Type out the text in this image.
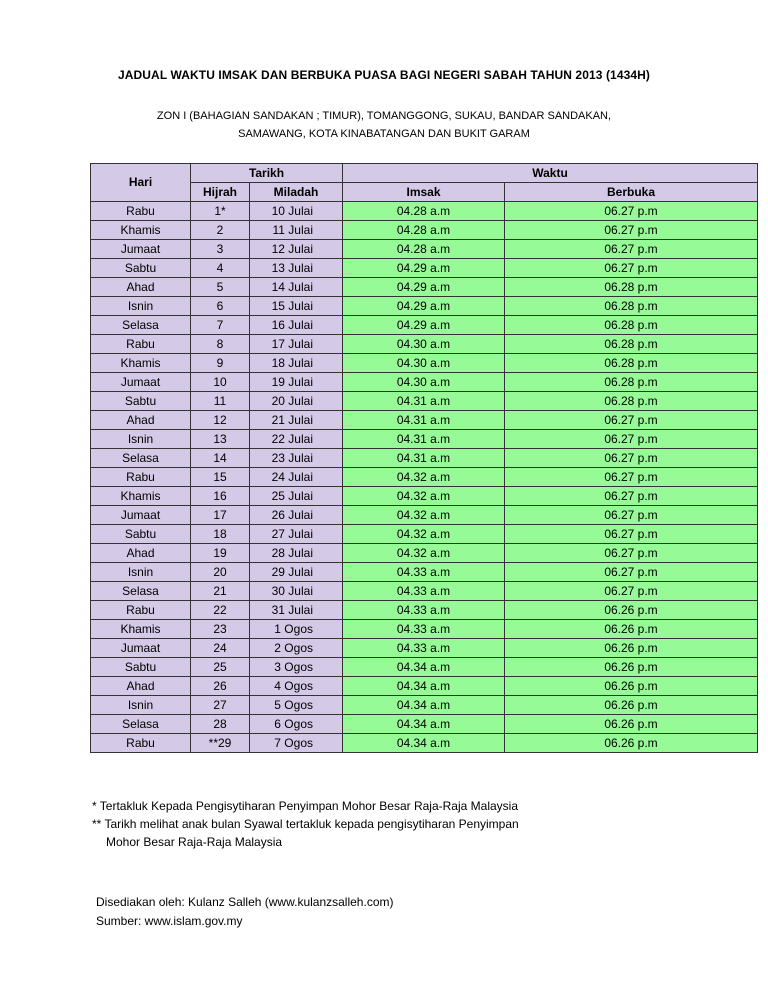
JADUAL WAKTU IMSAK DAN BERBUKA PUASA BAGI NEGERI SABAH TAHUN 2013 (1434H)
ZON I (BAHAGIAN SANDAKAN ; TIMUR), TOMANGGONG, SUKAU, BANDAR SANDAKAN,
SAMAWANG, KOTA KINABATANGAN DAN BUKIT GARAM
Hari	Tarikh		Waktu	
	Hijrah	Miladah	Imsak	Berbuka
Rabu	1*	10 Julai	04.28 a.m	06.27 p.m
Khamis	2	11 Julai	04.28 a.m	06.27 p.m
Jumaat	3	12 Julai	04.28 a.m	06.27 p.m
Sabtu	4	13 Julai	04.29 a.m	06.27 p.m
Ahad	5	14 Julai	04.29 a.m	06.28 p.m
Isnin	6	15 Julai	04.29 a.m	06.28 p.m
Selasa	7	16 Julai	04.29 a.m	06.28 p.m
Rabu	8	17 Julai	04.30 a.m	06.28 p.m
Khamis	9	18 Julai	04.30 a.m	06.28 p.m
Jumaat	10	19 Julai	04.30 a.m	06.28 p.m
Sabtu	11	20 Julai	04.31 a.m	06.28 p.m
Ahad	12	21 Julai	04.31 a.m	06.27 p.m
Isnin	13	22 Julai	04.31 a.m	06.27 p.m
Selasa	14	23 Julai	04.31 a.m	06.27 p.m
Rabu	15	24 Julai	04.32 a.m	06.27 p.m
Khamis	16	25 Julai	04.32 a.m	06.27 p.m
Jumaat	17	26 Julai	04.32 a.m	06.27 p.m
Sabtu	18	27 Julai	04.32 a.m	06.27 p.m
Ahad	19	28 Julai	04.32 a.m	06.27 p.m
Isnin	20	29 Julai	04.33 a.m	06.27 p.m
Selasa	21	30 Julai	04.33 a.m	06.27 p.m
Rabu	22	31 Julai	04.33 a.m	06.26 p.m
Khamis	23	1 Ogos	04.33 a.m	06.26 p.m
Jumaat	24	2 Ogos	04.33 a.m	06.26 p.m
Sabtu	25	3 Ogos	04.34 a.m	06.26 p.m
Ahad	26	4 Ogos	04.34 a.m	06.26 p.m
Isnin	27	5 Ogos	04.34 a.m	06.26 p.m
Selasa	28	6 Ogos	04.34 a.m	06.26 p.m
Rabu	**29	7 Ogos	04.34 a.m	06.26 p.m
* Tertakluk Kepada Pengisytiharan Penyimpan Mohor Besar Raja-Raja Malaysia
** Tarikh melihat anak bulan Syawal tertakluk kepada pengisytiharan Penyimpan
Mohor Besar Raja-Raja Malaysia
Disediakan oleh: Kulanz Salleh (www.kulanzsalleh.com)
Sumber: www.islam.gov.my
